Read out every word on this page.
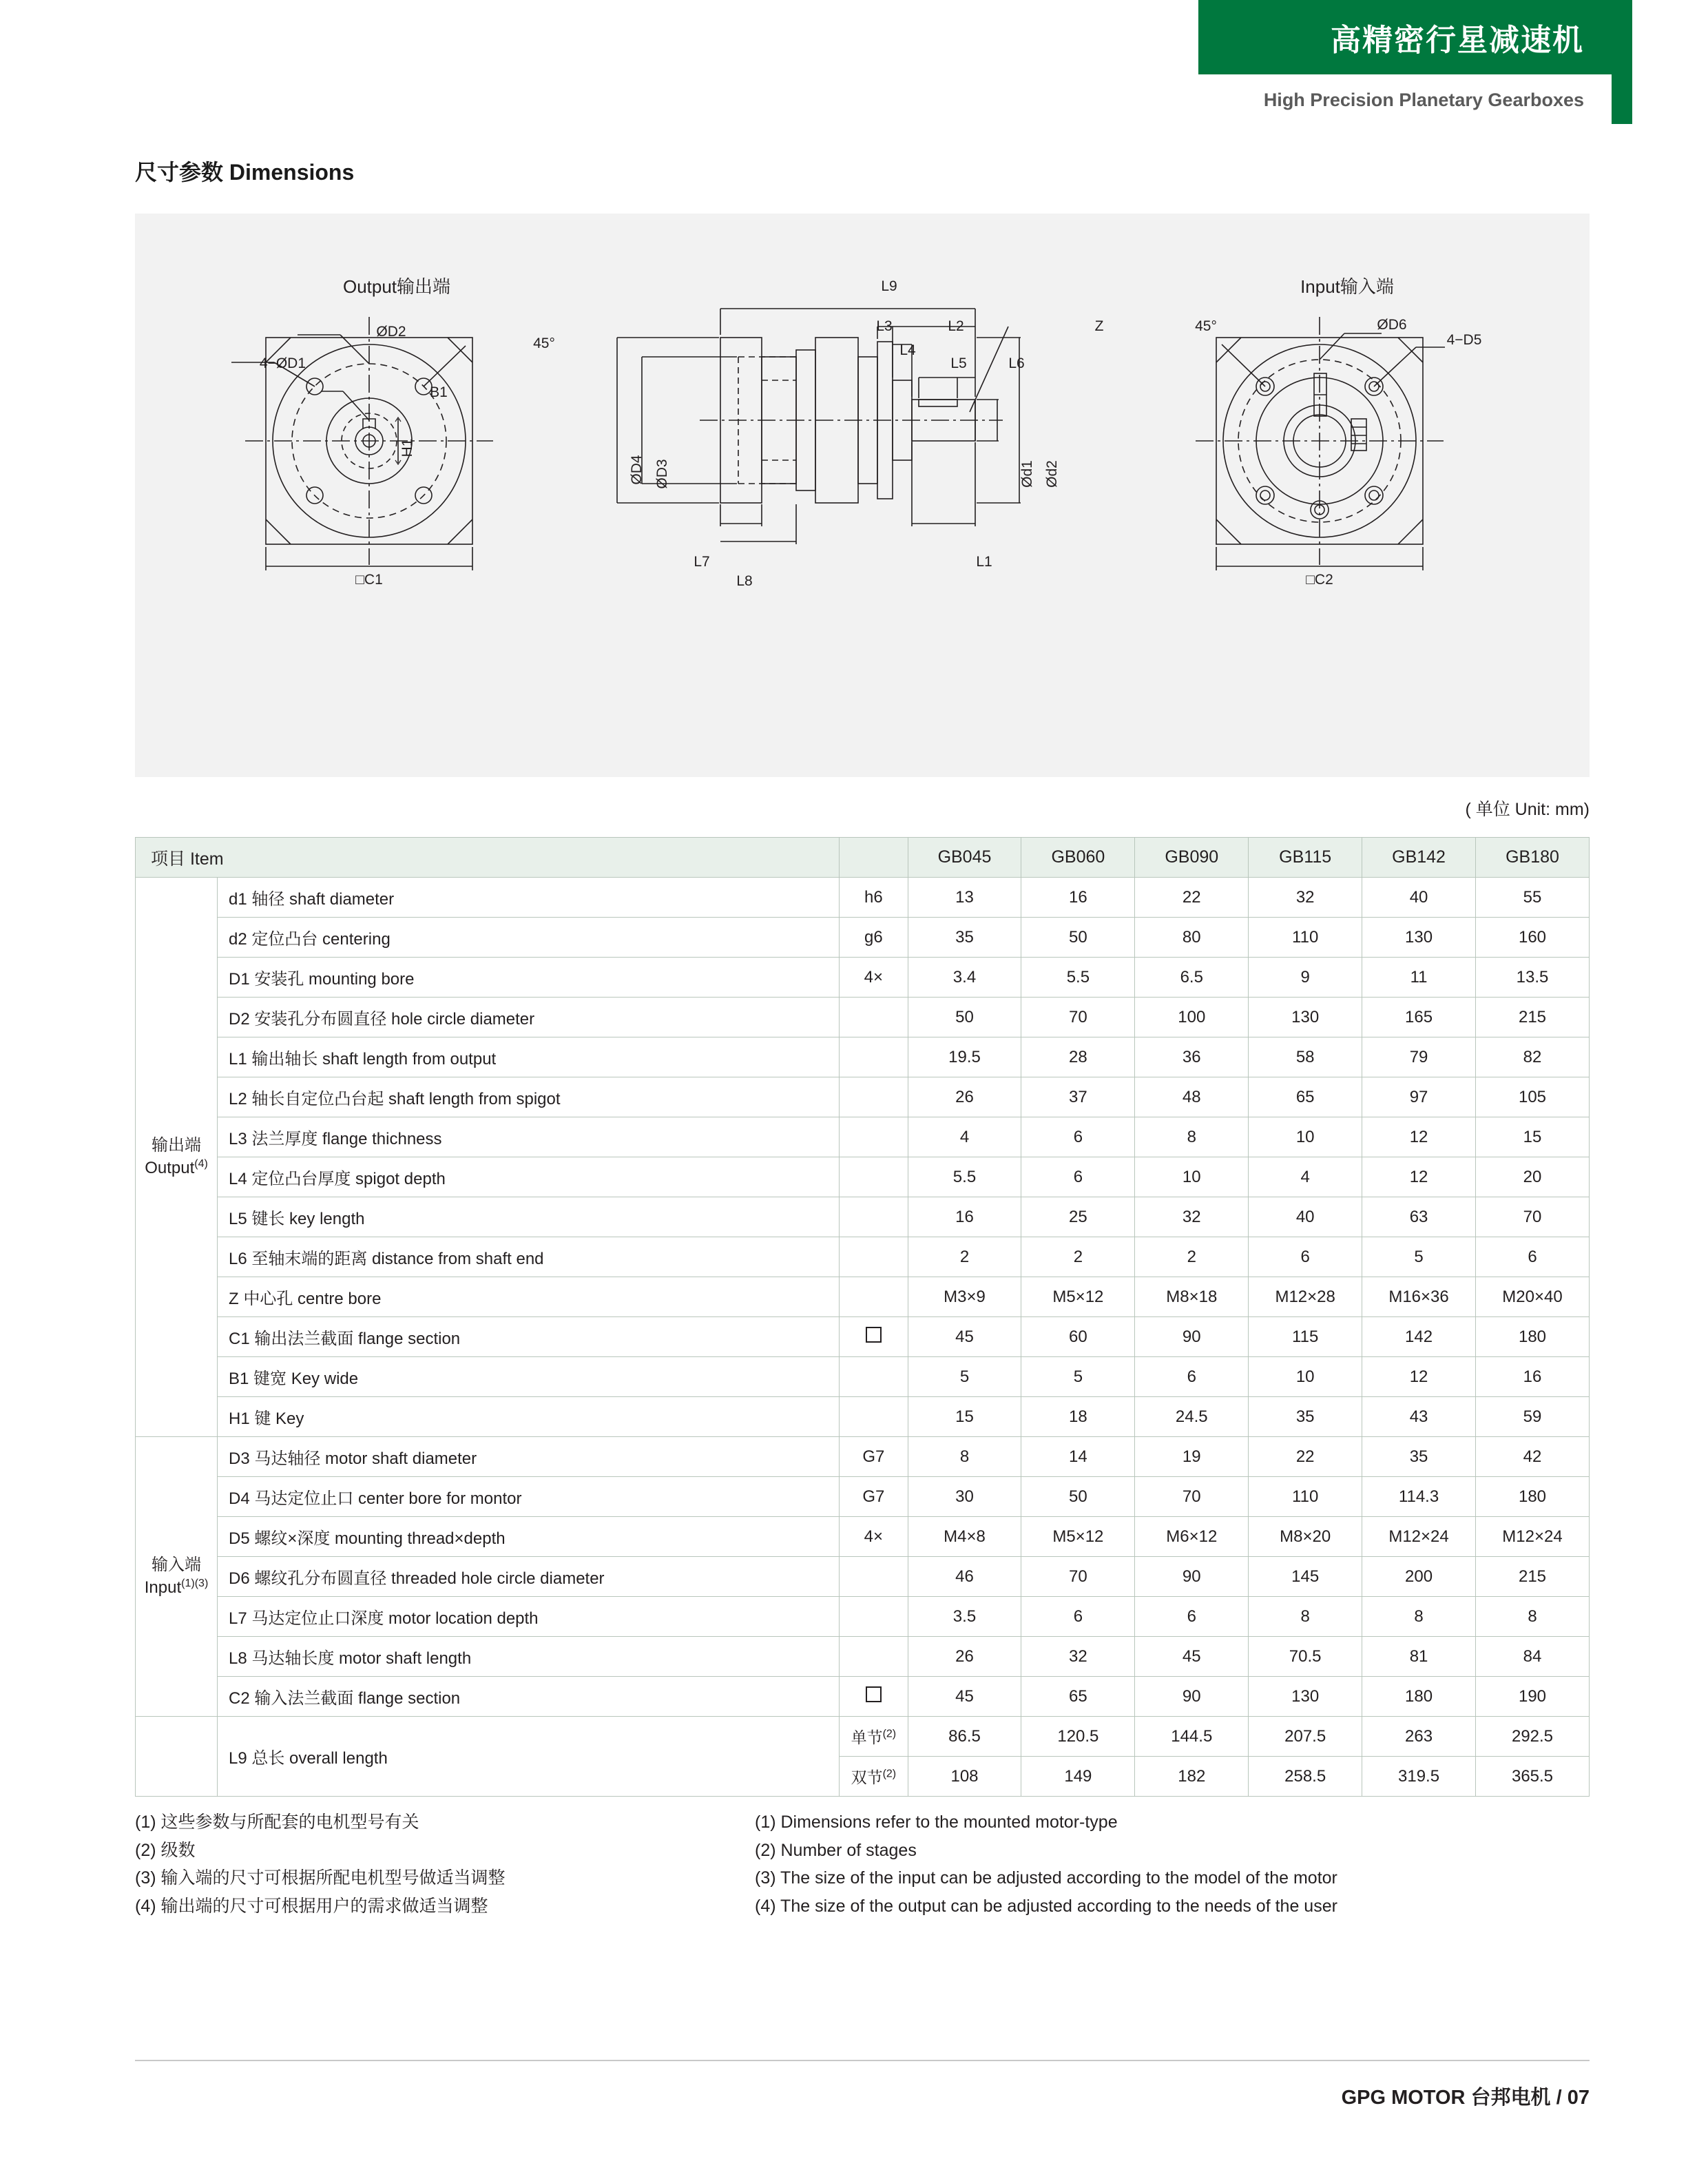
高精密行星减速机
High Precision Planetary Gearboxes
尺寸参数 Dimensions
Output输出端
4−ØD1
ØD2
45°
B1
H1
□C1
L9
L3	L2
L4
L5	L6
Z
ØD4 ØD3	Ød1 Ød2
L7
L8
L1
Input输入端
45°	ØD6
4−D5
□C2
( 单位 Unit: mm)
项目 Item			GB045	GB060	GB090	GB115	GB142	GB180
输出端
Output$^{(4)}$	d1 轴径 shaft diameter	h6	13	16	22	32	40	55
	d2 定位凸台 centering	g6	35	50	80	110	130	160
	D1 安装孔 mounting bore	4×	3.4	5.5	6.5	9	11	13.5
	D2 安装孔分布圆直径 hole circle diameter		50	70	100	130	165	215
	L1 输出轴长 shaft length from output		19.5	28	36	58	79	82
	L2 轴长自定位凸台起 shaft length from spigot		26	37	48	65	97	105
	L3 法兰厚度 flange thichness		4	6	8	10	12	15
	L4 定位凸台厚度 spigot depth		5.5	6	10	4	12	20
	L5 键长 key length		16	25	32	40	63	70
	L6 至轴末端的距离 distance from shaft end		2	2	2	6	5	6
	Z 中心孔 centre bore		M3×9	M5×12	M8×18	M12×28	M16×36	M20×40
	C1 输出法兰截面 flange section		45	60	90	115	142	180
	B1 键宽 Key wide		5	5	6	10	12	16
	H1 键 Key		15	18	24.5	35	43	59
输入端
Input$^{(1)(3)}$	D3 马达轴径 motor shaft diameter	G7	8	14	19	22	35	42
	D4 马达定位止口 center bore for montor	G7	30	50	70	110	114.3	180
	D5 螺纹×深度 mounting thread×depth	4×	M4×8	M5×12	M6×12	M8×20	M12×24	M12×24
	D6 螺纹孔分布圆直径 threaded hole circle diameter		46	70	90	145	200	215
	L7 马达定位止口深度 motor location depth		3.5	6	6	8	8	8
	L8 马达轴长度 motor shaft length		26	32	45	70.5	81	84
	C2 输入法兰截面 flange section		45	65	90	130	180	190
	L9 总长 overall length	单节$^{(2)}$	86.5	120.5	144.5	207.5	263	292.5
		双节$^{(2)}$	108	149	182	258.5	319.5	365.5
(1) 这些参数与所配套的电机型号有关
(2) 级数
(3) 输入端的尺寸可根据所配电机型号做适当调整
(4) 输出端的尺寸可根据用户的需求做适当调整
(1) Dimensions refer to the mounted motor-type
(2) Number of stages
(3) The size of the input can be adjusted according to the model of the motor
(4) The size of the output can be adjusted according to the needs of the user
GPG MOTOR 台邦电机 / 07
